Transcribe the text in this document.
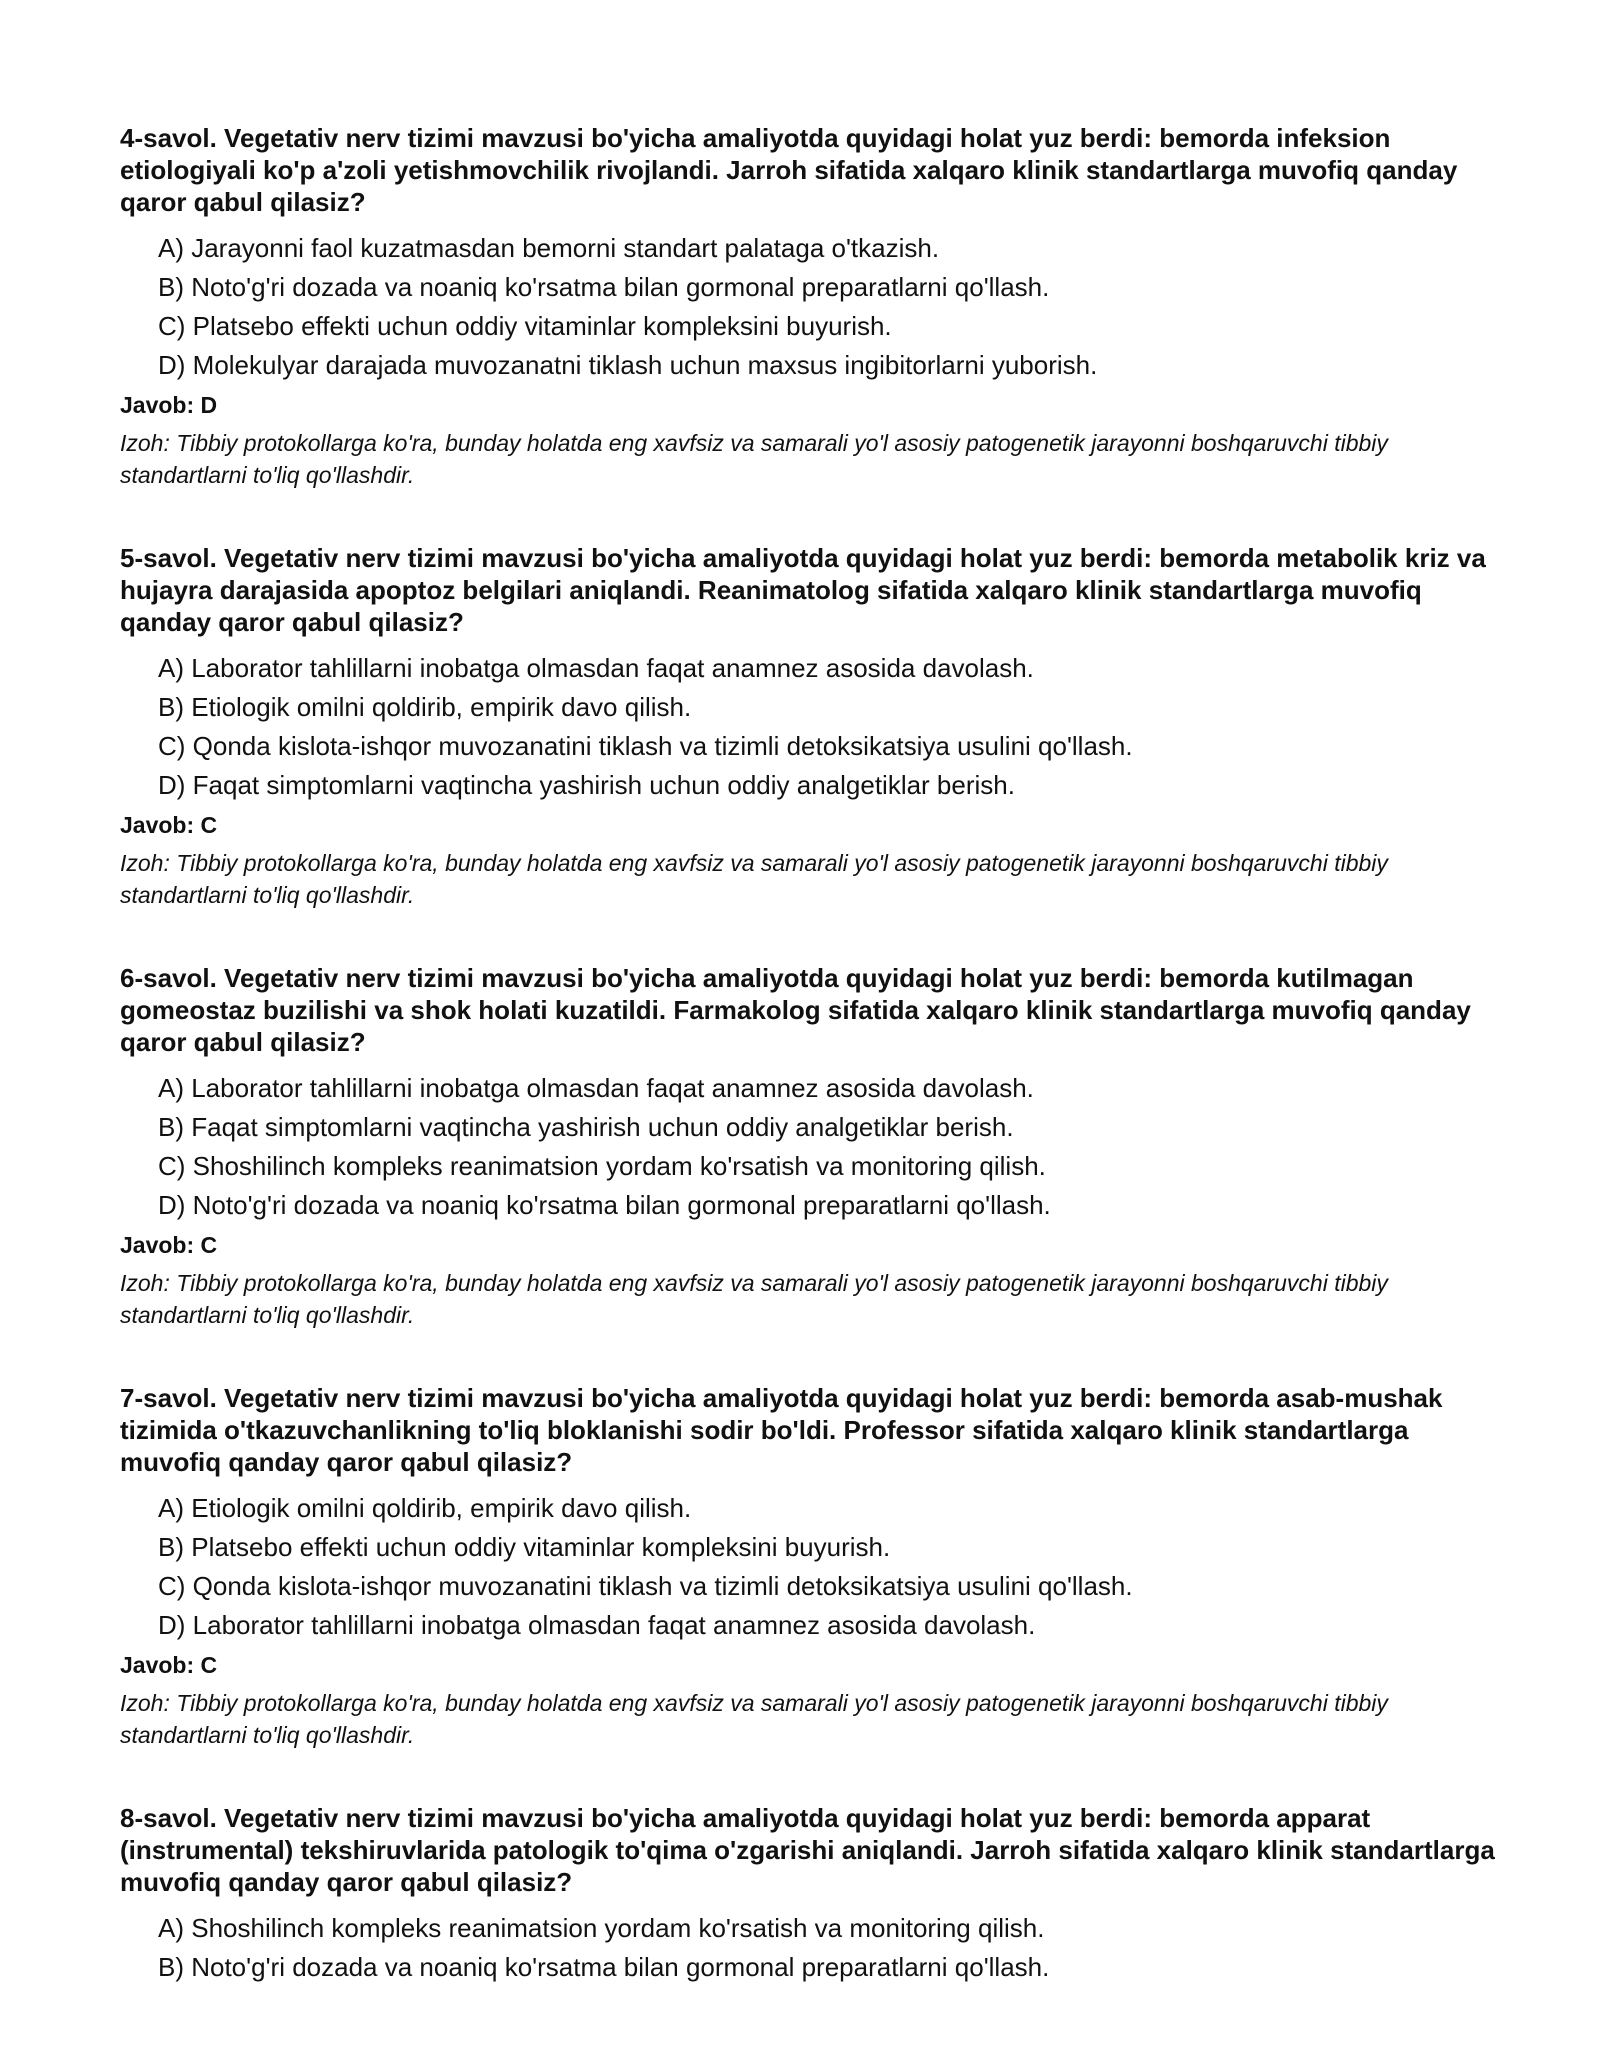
4-savol. Vegetativ nerv tizimi mavzusi bo'yicha amaliyotda quyidagi holat yuz berdi: bemorda infeksion etiologiyali ko'p a'zoli yetishmovchilik rivojlandi. Jarroh sifatida xalqaro klinik standartlarga muvofiq qanday qaror qabul qilasiz?

A) Jarayonni faol kuzatmasdan bemorni standart palataga o'tkazish.
B) Noto'g'ri dozada va noaniq ko'rsatma bilan gormonal preparatlarni qo'llash.
C) Platsebo effekti uchun oddiy vitaminlar kompleksini buyurish.
D) Molekulyar darajada muvozanatni tiklash uchun maxsus ingibitorlarni yuborish.

Javob: D

Izoh: Tibbiy protokollarga ko'ra, bunday holatda eng xavfsiz va samarali yo'l asosiy patogenetik jarayonni boshqaruvchi tibbiy standartlarni to'liq qo'llashdir.

5-savol. Vegetativ nerv tizimi mavzusi bo'yicha amaliyotda quyidagi holat yuz berdi: bemorda metabolik kriz va hujayra darajasida apoptoz belgilari aniqlandi. Reanimatolog sifatida xalqaro klinik standartlarga muvofiq qanday qaror qabul qilasiz?

A) Laborator tahlillarni inobatga olmasdan faqat anamnez asosida davolash.
B) Etiologik omilni qoldirib, empirik davo qilish.
C) Qonda kislota-ishqor muvozanatini tiklash va tizimli detoksikatsiya usulini qo'llash.
D) Faqat simptomlarni vaqtincha yashirish uchun oddiy analgetiklar berish.

Javob: C

Izoh: Tibbiy protokollarga ko'ra, bunday holatda eng xavfsiz va samarali yo'l asosiy patogenetik jarayonni boshqaruvchi tibbiy standartlarni to'liq qo'llashdir.

6-savol. Vegetativ nerv tizimi mavzusi bo'yicha amaliyotda quyidagi holat yuz berdi: bemorda kutilmagan gomeostaz buzilishi va shok holati kuzatildi. Farmakolog sifatida xalqaro klinik standartlarga muvofiq qanday qaror qabul qilasiz?

A) Laborator tahlillarni inobatga olmasdan faqat anamnez asosida davolash.
B) Faqat simptomlarni vaqtincha yashirish uchun oddiy analgetiklar berish.
C) Shoshilinch kompleks reanimatsion yordam ko'rsatish va monitoring qilish.
D) Noto'g'ri dozada va noaniq ko'rsatma bilan gormonal preparatlarni qo'llash.

Javob: C

Izoh: Tibbiy protokollarga ko'ra, bunday holatda eng xavfsiz va samarali yo'l asosiy patogenetik jarayonni boshqaruvchi tibbiy standartlarni to'liq qo'llashdir.

7-savol. Vegetativ nerv tizimi mavzusi bo'yicha amaliyotda quyidagi holat yuz berdi: bemorda asab-mushak tizimida o'tkazuvchanlikning to'liq bloklanishi sodir bo'ldi. Professor sifatida xalqaro klinik standartlarga muvofiq qanday qaror qabul qilasiz?

A) Etiologik omilni qoldirib, empirik davo qilish.
B) Platsebo effekti uchun oddiy vitaminlar kompleksini buyurish.
C) Qonda kislota-ishqor muvozanatini tiklash va tizimli detoksikatsiya usulini qo'llash.
D) Laborator tahlillarni inobatga olmasdan faqat anamnez asosida davolash.

Javob: C

Izoh: Tibbiy protokollarga ko'ra, bunday holatda eng xavfsiz va samarali yo'l asosiy patogenetik jarayonni boshqaruvchi tibbiy standartlarni to'liq qo'llashdir.

8-savol. Vegetativ nerv tizimi mavzusi bo'yicha amaliyotda quyidagi holat yuz berdi: bemorda apparat (instrumental) tekshiruvlarida patologik to'qima o'zgarishi aniqlandi. Jarroh sifatida xalqaro klinik standartlarga muvofiq qanday qaror qabul qilasiz?

A) Shoshilinch kompleks reanimatsion yordam ko'rsatish va monitoring qilish.
B) Noto'g'ri dozada va noaniq ko'rsatma bilan gormonal preparatlarni qo'llash.
